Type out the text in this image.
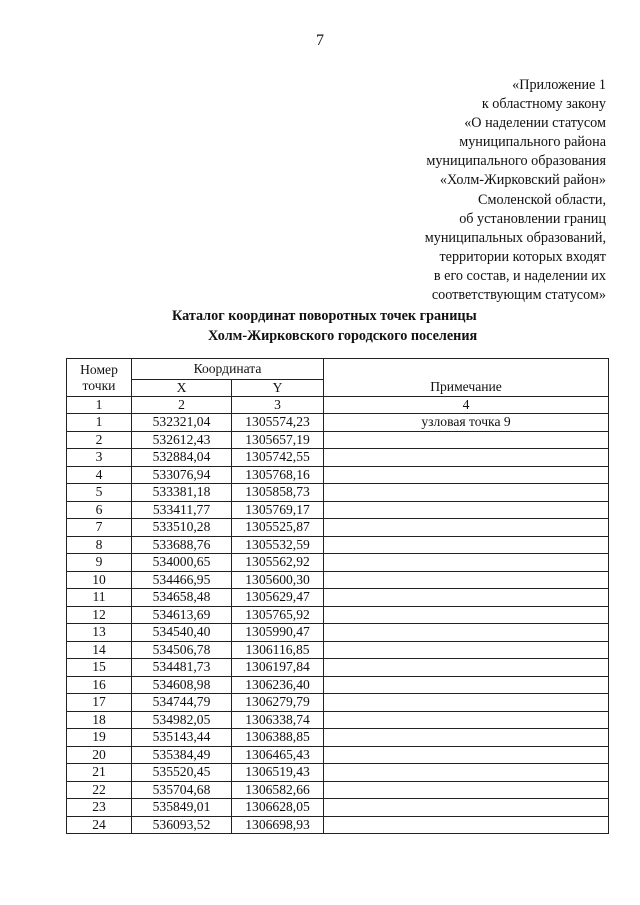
7
«Приложение 1
к областному закону
«О наделении статусом
муниципального района
муниципального образования
«Холм-Жирковский район»
Смоленской области,
об установлении границ
муниципальных образований,
территории которых входят
в его состав, и наделении их
соответствующим статусом»
Каталог координат поворотных точек границы
Холм-Жирковского городского поселения
Номер
точки	Координата		Примечание
	X	Y	
1	2	3	4
1	532321,04	1305574,23	узловая точка 9
2	532612,43	1305657,19	
3	532884,04	1305742,55	
4	533076,94	1305768,16	
5	533381,18	1305858,73	
6	533411,77	1305769,17	
7	533510,28	1305525,87	
8	533688,76	1305532,59	
9	534000,65	1305562,92	
10	534466,95	1305600,30	
11	534658,48	1305629,47	
12	534613,69	1305765,92	
13	534540,40	1305990,47	
14	534506,78	1306116,85	
15	534481,73	1306197,84	
16	534608,98	1306236,40	
17	534744,79	1306279,79	
18	534982,05	1306338,74	
19	535143,44	1306388,85	
20	535384,49	1306465,43	
21	535520,45	1306519,43	
22	535704,68	1306582,66	
23	535849,01	1306628,05	
24	536093,52	1306698,93	
